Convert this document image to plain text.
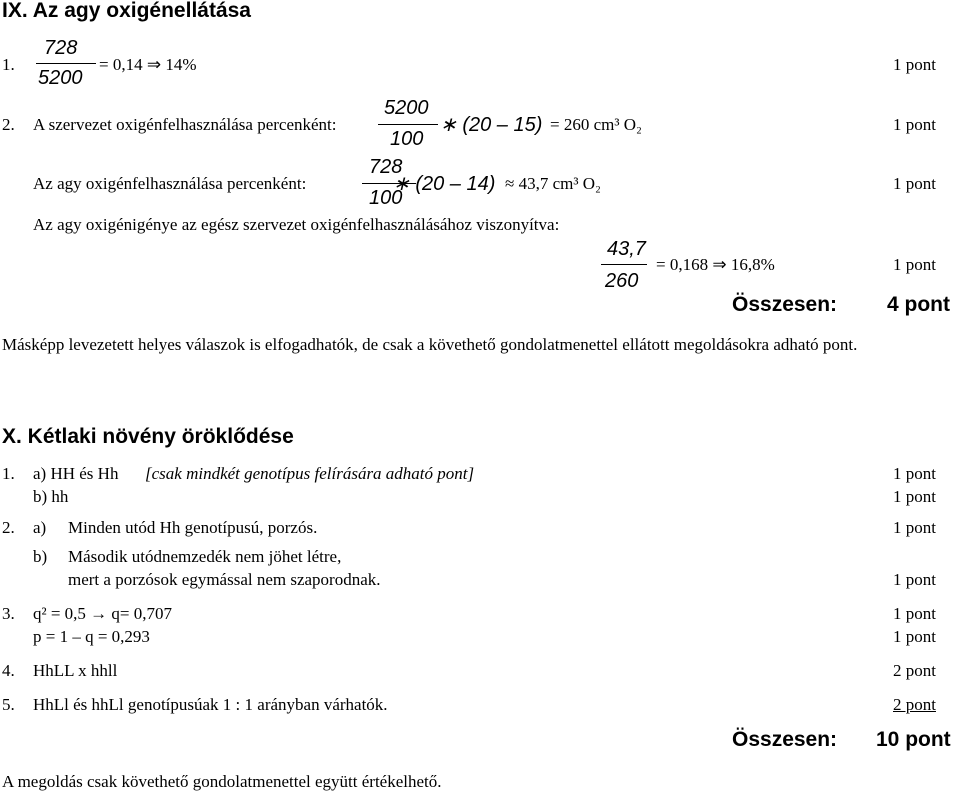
IX. Az agy oxigénellátása
1.
728
5200
= 0,14 ⇒ 14%	1 pont
2. A szervezet oxigénfelhasználása percenként:
5200
100
∗ (20 – 15) = 260 cm³ O₂	1 pont
Az agy oxigénfelhasználása percenként:
728
100
∗ (20 – 14) ≈ 43,7 cm³ O₂	1 pont
Az agy oxigénigénye az egész szervezet oxigénfelhasználásához viszonyítva:
43,7
260
= 0,168 ⇒ 16,8%	1 pont
Összesen: 4 pont
Másképp levezetett helyes válaszok is elfogadhatók, de csak a követhető gondolatmenettel ellátott megoldásokra adható pont.
X. Kétlaki növény öröklődése
1. a) HH és Hh [csak mindkét genotípus felírására adható pont]	1 pont
b) hh	1 pont
2. a) Minden utód Hh genotípusú, porzós.	1 pont
b) Második utódnemzedék nem jöhet létre,
mert a porzósok egymással nem szaporodnak.	1 pont
3. q² = 0,5 → q= 0,707	1 pont
p = 1 – q = 0,293	1 pont
4. HhLL x hhll	2 pont
5. HhLl és hhLl genotípusúak 1 : 1 arányban várhatók.	2 pont
Összesen: 10 pont
A megoldás csak követhető gondolatmenettel együtt értékelhető.
